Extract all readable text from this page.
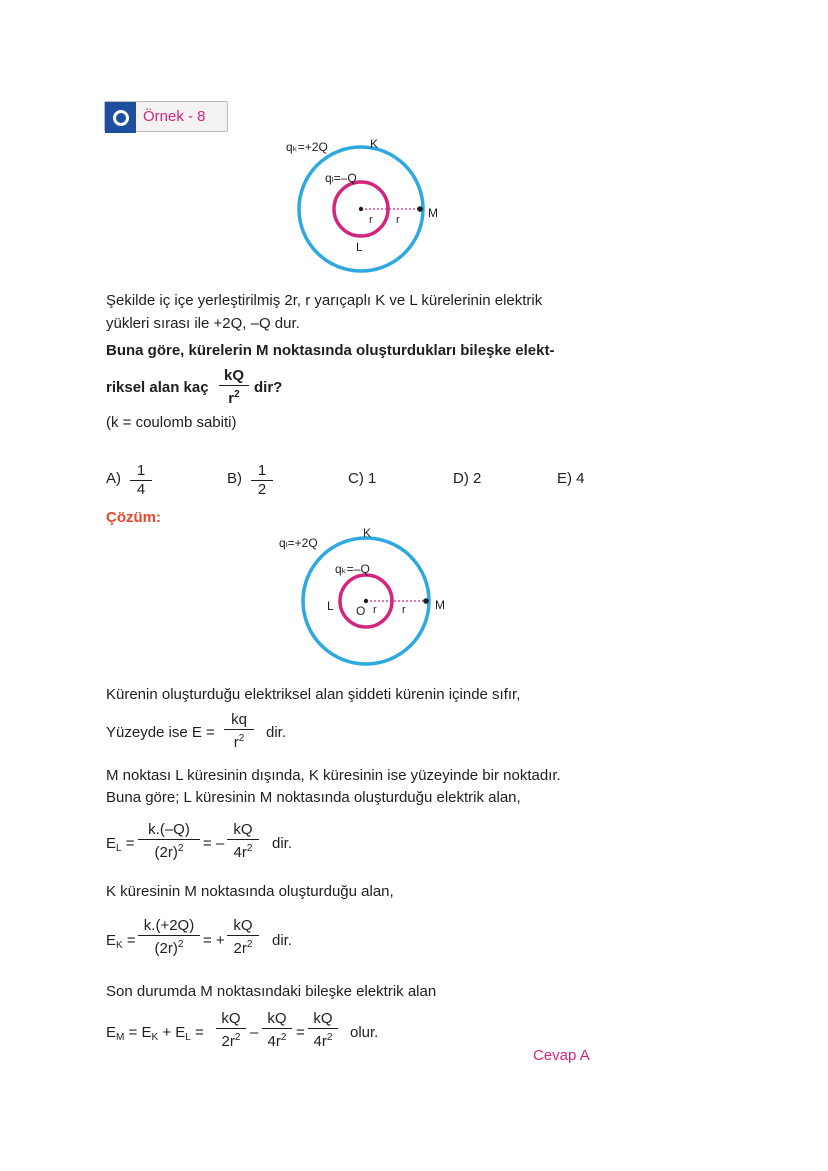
Örnek - 8
qₖ=+2Q	K
qₗ=–Q
r r M
L
Şekilde iç içe yerleştirilmiş 2r, r yarıçaplı K ve L kürelerinin elektrik
yükleri sırası ile +2Q, –Q dur.
Buna göre, kürelerin M noktasında oluşturdukları bileşke elekt-
riksel alan kaç
kQ
$r^2$ dir?
(k = coulomb sabiti)
A)	1
4
B)	1
2
C) 1	D) 2	E) 4
Çözüm:
qₗ=+2Q
K
qₖ=–Q
L O r r M
Kürenin oluşturduğu elektriksel alan şiddeti kürenin içinde sıfır,
Yüzeyde ise E =
kq
$r^2$	dir.
M noktası L küresinin dışında, K küresinin ise yüzeyinde bir noktadır.
Buna göre; L küresinin M noktasında oluşturduğu elektrik alan,
$E_L$ =
k.(–Q)
$(2r)^2$	= –
kQ
$4r^2$	dir.
K küresinin M noktasında oluşturduğu alan,
$E_K$ =
k.(+2Q)
$(2r)^2$	= +
kQ
$2r^2$	dir.
Son durumda M noktasındaki bileşke elektrik alan
$E_M = E_K + E_L$ =
kQ
$2r^2$ –
kQ
$4r^2$ =
kQ
$4r^2$	olur.
Cevap A
